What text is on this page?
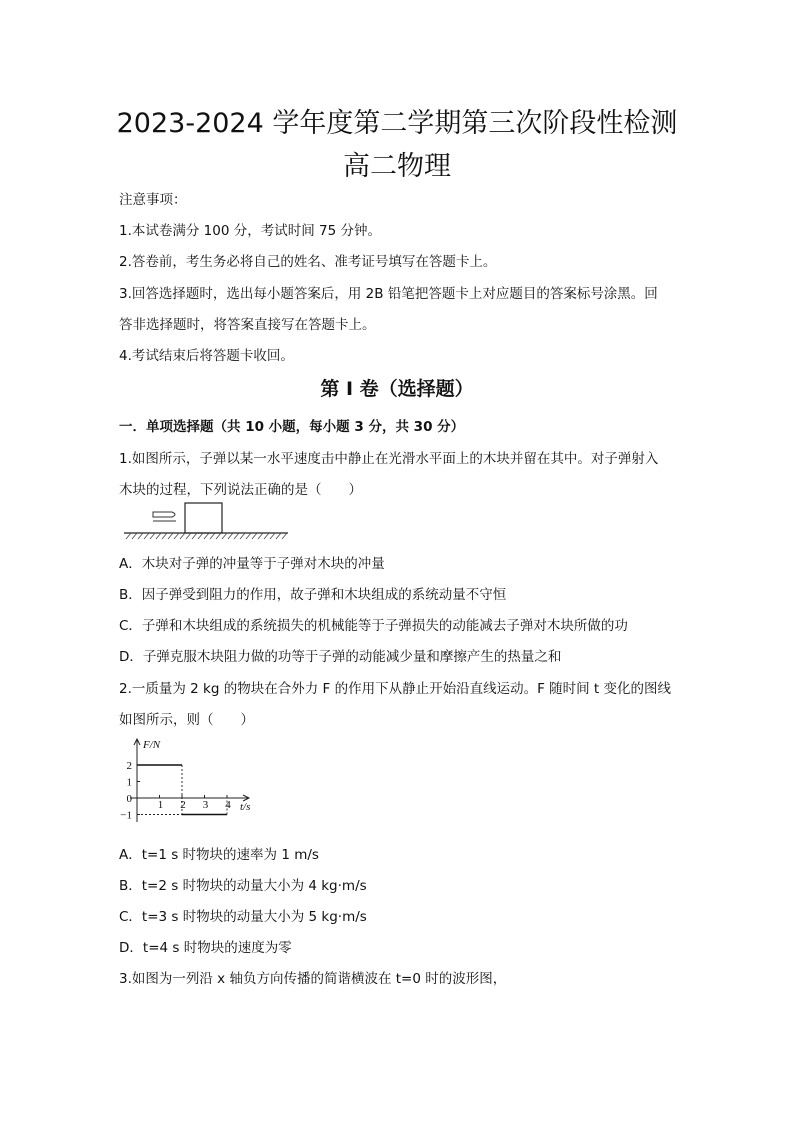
2023-2024 学年度第二学期第三次阶段性检测
高二物理
注意事项：
1.本试卷满分 100 分，考试时间 75 分钟。
2.答卷前，考生务必将自己的姓名、准考证号填写在答题卡上。
3.回答选择题时，选出每小题答案后，用 2B 铅笔把答题卡上对应题目的答案标号涂黑。回
答非选择题时，将答案直接写在答题卡上。
4.考试结束后将答题卡收回。
第 I 卷（选择题）
一．单项选择题（共 10 小题，每小题 3 分，共 30 分）
1.如图所示，子弹以某一水平速度击中静止在光滑水平面上的木块并留在其中。对子弹射入
木块的过程，下列说法正确的是（　　）
A．木块对子弹的冲量等于子弹对木块的冲量
B．因子弹受到阻力的作用，故子弹和木块组成的系统动量不守恒
C．子弹和木块组成的系统损失的机械能等于子弹损失的动能减去子弹对木块所做的功
D．子弹克服木块阻力做的功等于子弹的动能减少量和摩擦产生的热量之和
2.一质量为 2 kg 的物块在合外力 F 的作用下从静止开始沿直线运动。F 随时间 t 变化的图线
如图所示，则（　　）
1 2 3 4
2
1
0
−1
F/N
t/s
A．t=1 s 时物块的速率为 1 m/s
B．t=2 s 时物块的动量大小为 4 kg·m/s
C．t=3 s 时物块的动量大小为 5 kg·m/s
D．t=4 s 时物块的速度为零
3.如图为一列沿 x 轴负方向传播的简谐横波在 t=0 时的波形图，
